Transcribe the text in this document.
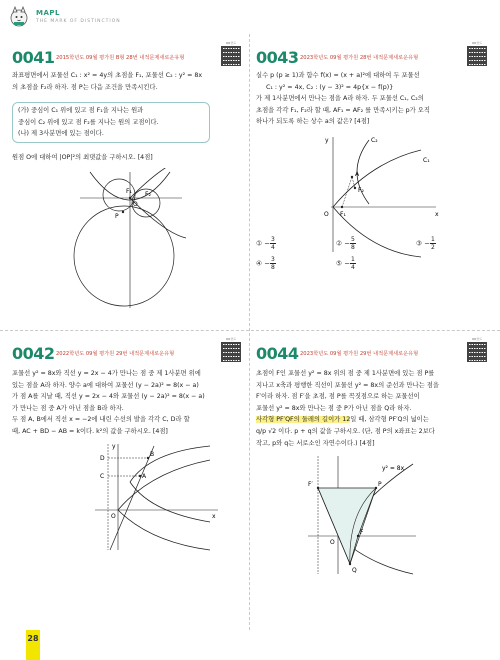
MAPL
THE MARK OF DISTINCTION
0041 2015학년도 09월 평가원 B형 28번 내적문제새로운유형
QR코드

좌표평면에서 포물선 C₁ : x² = 4y의 초점을 F₁, 포물선 C₂ : y² = 8x

의 초점을 F₂라 하자. 점 P는 다음 조건을 만족시킨다.

(가) 중심이 C₁ 위에 있고 점 F₁을 지나는 원과

중심이 C₂ 위에 있고 점 F₂를 지나는 원의 교점이다.

(나) 제 3사분면에 있는 점이다.

원점 O에 대하여 |OP|²의 최댓값을 구하시오. [4점]

F₁ F₂
O
P
0043 2023학년도 09월 평가원 28번 내적문제새로운유형
QR코드

실수 p (p ≥ 1)과 함수 f(x) = (x + a)²에 대하여 두 포물선

C₁ : y² = 4x, C₂ : (y − 3)² = 4p{x − f(p)}

가 제 1사분면에서 만나는 점을 A라 하자. 두 포물선 C₁, C₂의

초점을 각각 F₁, F₂라 할 때, AF₁ = AF₂ 를 만족시키는 p가 오직

하나가 되도록 하는 상수 a의 값은? [4점]

y	C₂
C₁
A
F₂
O F₁	x
① − $\frac{3}{4}$	② − $\frac{5}{8}$	③ − $\frac{1}{2}$
④ − $\frac{3}{8}$	⑤ − $\frac{1}{4}$
0042 2022학년도 09월 평가원 29번 내적문제새로운유형
QR코드

포물선 y² = 8x와 직선 y = 2x − 4가 만나는 점 중 제 1사분면 위에

있는 점을 A라 하자. 양수 a에 대하여 포물선 (y − 2a)² = 8(x − a)

가 점 A를 지날 때, 직선 y = 2x − 4와 포물선 (y − 2a)² = 8(x − a)

가 만나는 점 중 A가 아닌 점을 B라 하자.

두 점 A, B에서 직선 x = −2에 내린 수선의 발을 각각 C, D라 할

때, AC + BD − AB = k이다. k²의 값을 구하시오. [4점]

y
D
C	A
B
O	x
0044 2023학년도 09월 평가원 29번 내적문제새로운유형
QR코드

초점이 F인 포물선 y² = 8x 위의 점 중 제 1사분면에 있는 점 P를

지나고 x축과 평행한 직선이 포물선 y² = 8x의 준선과 만나는 점을

F′이라 하자. 점 F′을 초점, 점 P를 꼭짓점으로 하는 포물선이

포물선 y² = 8x와 만나는 점 중 P가 아닌 점을 Q라 하자.

사각형 PF′QF의 둘레의 길이가 12일 때, 삼각형 PF′Q의 넓이는

q/p √2 이다. p + q의 값을 구하시오. (단, 점 P의 x좌표는 2보다

작고, p와 q는 서로소인 자연수이다.) [4점]

F′	P
F
O
Q
y² = 8x
28
